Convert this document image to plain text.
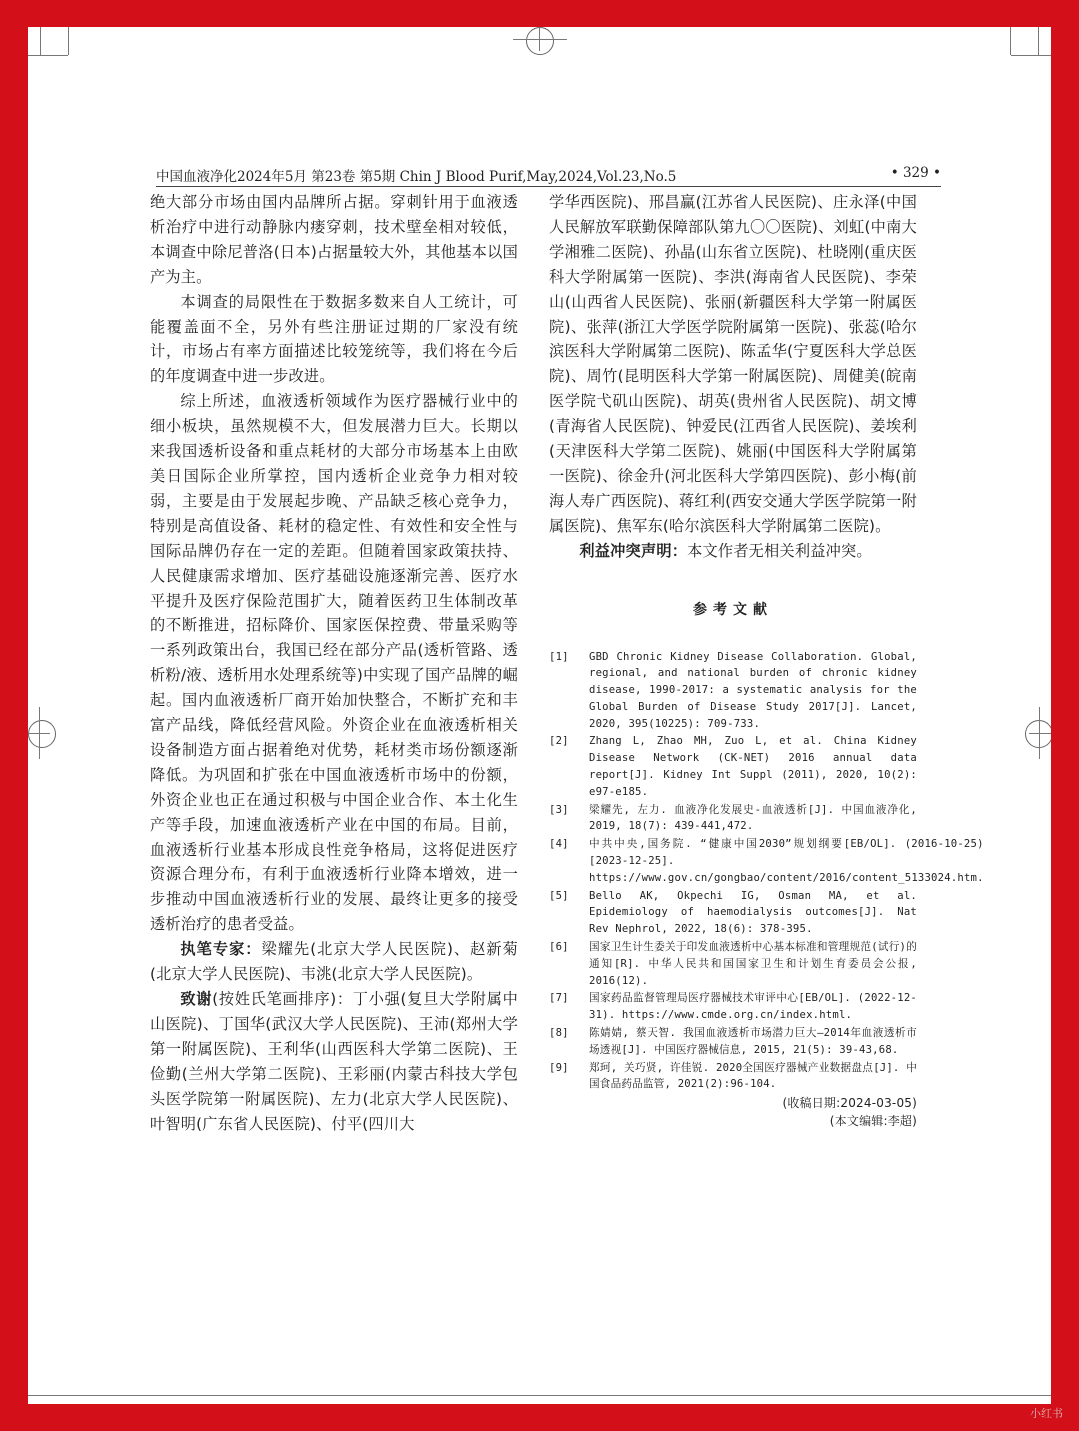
中国血液净化2024年5月 第23卷 第5期 Chin J Blood Purif,May,2024,Vol.23,No.5	• 329 •

绝大部分市场由国内品牌所占据。穿刺针用于血液透析治疗中进行动静脉内瘘穿刺，技术壁垒相对较低，本调查中除尼普洛(日本)占据量较大外，其他基本以国产为主。

本调查的局限性在于数据多数来自人工统计，可能覆盖面不全，另外有些注册证过期的厂家没有统计，市场占有率方面描述比较笼统等，我们将在今后的年度调查中进一步改进。

综上所述，血液透析领域作为医疗器械行业中的细小板块，虽然规模不大，但发展潜力巨大。长期以来我国透析设备和重点耗材的大部分市场基本上由欧美日国际企业所掌控，国内透析企业竞争力相对较弱，主要是由于发展起步晚、产品缺乏核心竞争力，特别是高值设备、耗材的稳定性、有效性和安全性与国际品牌仍存在一定的差距。但随着国家政策扶持、人民健康需求增加、医疗基础设施逐渐完善、医疗水平提升及医疗保险范围扩大，随着医药卫生体制改革的不断推进，招标降价、国家医保控费、带量采购等一系列政策出台，我国已经在部分产品(透析管路、透析粉/液、透析用水处理系统等)中实现了国产品牌的崛起。国内血液透析厂商开始加快整合，不断扩充和丰富产品线，降低经营风险。外资企业在血液透析相关设备制造方面占据着绝对优势，耗材类市场份额逐渐降低。为巩固和扩张在中国血液透析市场中的份额，外资企业也正在通过积极与中国企业合作、本土化生产等手段，加速血液透析产业在中国的布局。目前，血液透析行业基本形成良性竞争格局，这将促进医疗资源合理分布，有利于血液透析行业降本增效，进一步推动中国血液透析行业的发展、最终让更多的接受透析治疗的患者受益。

执笔专家：梁耀先(北京大学人民医院)、赵新菊(北京大学人民医院)、韦洮(北京大学人民医院)。

致谢(按姓氏笔画排序)：丁小强(复旦大学附属中山医院)、丁国华(武汉大学人民医院)、王沛(郑州大学第一附属医院)、王利华(山西医科大学第二医院)、王俭勤(兰州大学第二医院)、王彩丽(内蒙古科技大学包头医学院第一附属医院)、左力(北京大学人民医院)、叶智明(广东省人民医院)、付平(四川大

学华西医院)、邢昌赢(江苏省人民医院)、庄永泽(中国人民解放军联勤保障部队第九〇〇医院)、刘虹(中南大学湘雅二医院)、孙晶(山东省立医院)、杜晓刚(重庆医科大学附属第一医院)、李洪(海南省人民医院)、李荣山(山西省人民医院)、张丽(新疆医科大学第一附属医院)、张萍(浙江大学医学院附属第一医院)、张蕊(哈尔滨医科大学附属第二医院)、陈孟华(宁夏医科大学总医院)、周竹(昆明医科大学第一附属医院)、周健美(皖南医学院弋矶山医院)、胡英(贵州省人民医院)、胡文博(青海省人民医院)、钟爱民(江西省人民医院)、姜埃利(天津医科大学第二医院)、姚丽(中国医科大学附属第一医院)、徐金升(河北医科大学第四医院)、彭小梅(前海人寿广西医院)、蒋红利(西安交通大学医学院第一附属医院)、焦军东(哈尔滨医科大学附属第二医院)。

利益冲突声明：本文作者无相关利益冲突。

参考文献
[1]	GBD Chronic Kidney Disease Collaboration. Global, regional, and national burden of chronic kidney disease, 1990-2017: a systematic analysis for the Global Burden of Disease Study 2017[J]. Lancet, 2020, 395(10225): 709-733.
[2]	Zhang L, Zhao MH, Zuo L, et al. China Kidney Disease Network (CK-NET) 2016 annual data report[J]. Kidney Int Suppl (2011), 2020, 10(2): e97-e185.
[3]	梁耀先, 左力. 血液净化发展史-血液透析[J]. 中国血液净化, 2019, 18(7): 439-441,472.
[4]	中共中央,国务院. “健康中国2030”规划纲要[EB/OL]. (2016-10-25)[2023-12-25]. https://www.gov.cn/gongbao/content/2016/content_5133024.htm.
[5]	Bello AK, Okpechi IG, Osman MA, et al. Epidemiology of haemodialysis outcomes[J]. Nat Rev Nephrol, 2022, 18(6): 378-395.
[6]	国家卫生计生委关于印发血液透析中心基本标准和管理规范(试行)的通知[R]. 中华人民共和国国家卫生和计划生育委员会公报, 2016(12).
[7]	国家药品监督管理局医疗器械技术审评中心[EB/OL]. (2022-12-31). https://www.cmde.org.cn/index.html.
[8]	陈婧婧, 蔡天智. 我国血液透析市场潜力巨大—2014年血液透析市场透视[J]. 中国医疗器械信息, 2015, 21(5): 39-43,68.
[9]	郑珂, 关巧贤, 许佳锐. 2020全国医疗器械产业数据盘点[J]. 中国食品药品监管, 2021(2):96-104.
(收稿日期:2024-03-05)
(本文编辑:李超)
小红书
